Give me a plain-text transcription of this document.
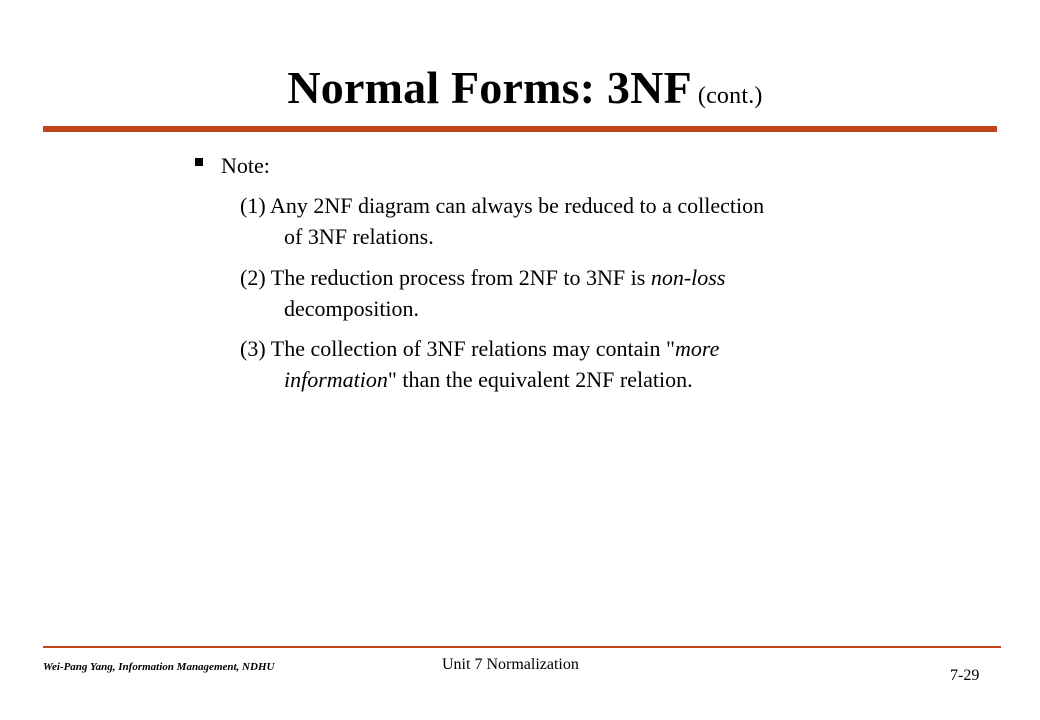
Normal Forms: 3NF (cont.)
Note:
(1) Any 2NF diagram can always be reduced to a collection
of 3NF relations.
(2) The reduction process from 2NF to 3NF is non-loss
decomposition.
(3) The collection of 3NF relations may contain "more
information" than the equivalent 2NF relation.
Wei-Pang Yang, Information Management, NDHU	Unit 7 Normalization
7-29
